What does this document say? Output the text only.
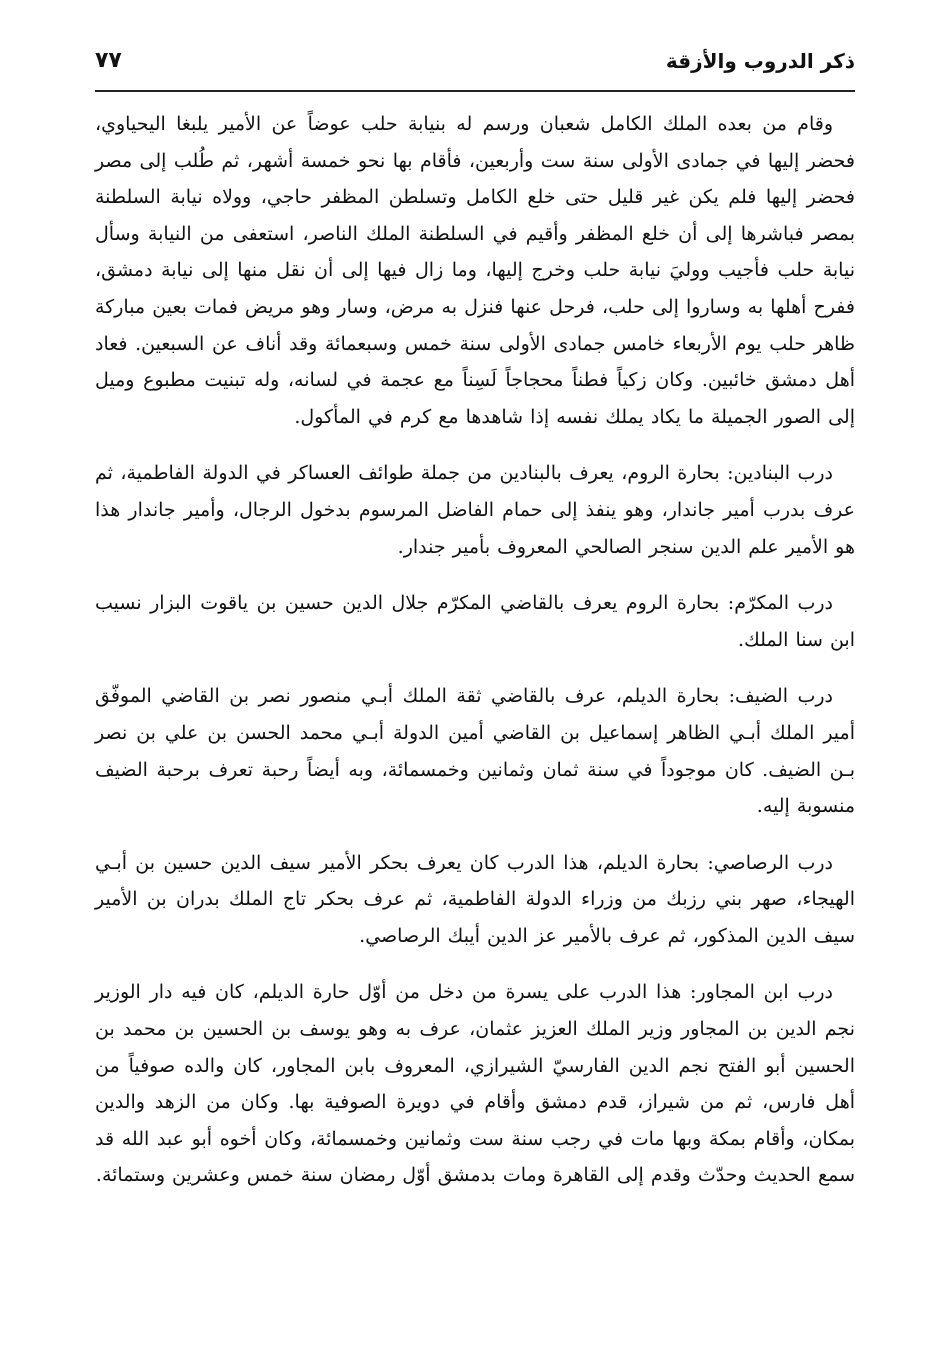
ذكر الدروب والأزقة
٧٧

وقام من بعده الملك الكامل شعبان ورسم له بنيابة حلب عوضاً عن الأمير يلبغا اليحياوي، فحضر إليها في جمادى الأولى سنة ست وأربعين، فأقام بها نحو خمسة أشهر، ثم طُلب إلى مصر فحضر إليها فلم يكن غير قليل حتى خلع الكامل وتسلطن المظفر حاجي، وولاه نيابة السلطنة بمصر فباشرها إلى أن خلع المظفر وأقيم في السلطنة الملك الناصر، استعفى من النيابة وسأل نيابة حلب فأجيب ووليَ نيابة حلب وخرج إليها، وما زال فيها إلى أن نقل منها إلى نيابة دمشق، ففرح أهلها به وساروا إلى حلب، فرحل عنها فنزل به مرض، وسار وهو مريض فمات بعين مباركة ظاهر حلب يوم الأربعاء خامس جمادى الأولى سنة خمس وسبعمائة وقد أناف عن السبعين. فعاد أهل دمشق خائبين. وكان زكياً فطناً محجاجاً لَسِناً مع عجمة في لسانه، وله تبنيت مطبوع وميل إلى الصور الجميلة ما يكاد يملك نفسه إذا شاهدها مع كرم في المأكول.

درب البنادين: بحارة الروم، يعرف بالبنادين من جملة طوائف العساكر في الدولة الفاطمية، ثم عرف بدرب أمير جاندار، وهو ينفذ إلى حمام الفاضل المرسوم بدخول الرجال، وأمير جاندار هذا هو الأمير علم الدين سنجر الصالحي المعروف بأمير جندار.

درب المكرّم: بحارة الروم يعرف بالقاضي المكرّم جلال الدين حسين بن ياقوت البزار نسيب ابن سنا الملك.

درب الضيف: بحارة الديلم، عرف بالقاضي ثقة الملك أبـي منصور نصر بن القاضي الموفّق أمير الملك أبـي الظاهر إسماعيل بن القاضي أمين الدولة أبـي محمد الحسن بن علي بن نصر بـن الضيف. كان موجوداً في سنة ثمان وثمانين وخمسمائة، وبه أيضاً رحبة تعرف برحبة الضيف منسوبة إليه.

درب الرصاصي: بحارة الديلم، هذا الدرب كان يعرف بحكر الأمير سيف الدين حسين بن أبـي الهيجاء، صهر بني رزبك من وزراء الدولة الفاطمية، ثم عرف بحكر تاج الملك بدران بن الأمير سيف الدين المذكور، ثم عرف بالأمير عز الدين أيبك الرصاصي.

درب ابن المجاور: هذا الدرب على يسرة من دخل من أوّل حارة الديلم، كان فيه دار الوزير نجم الدين بن المجاور وزير الملك العزيز عثمان، عرف به وهو يوسف بن الحسين بن محمد بن الحسين أبو الفتح نجم الدين الفارسيّ الشيرازي، المعروف بابن المجاور، كان والده صوفياً من أهل فارس، ثم من شيراز، قدم دمشق وأقام في دويرة الصوفية بها. وكان من الزهد والدين بمكان، وأقام بمكة وبها مات في رجب سنة ست وثمانين وخمسمائة، وكان أخوه أبو عبد الله قد سمع الحديث وحدّث وقدم إلى القاهرة ومات بدمشق أوّل رمضان سنة خمس وعشرين وستمائة.
